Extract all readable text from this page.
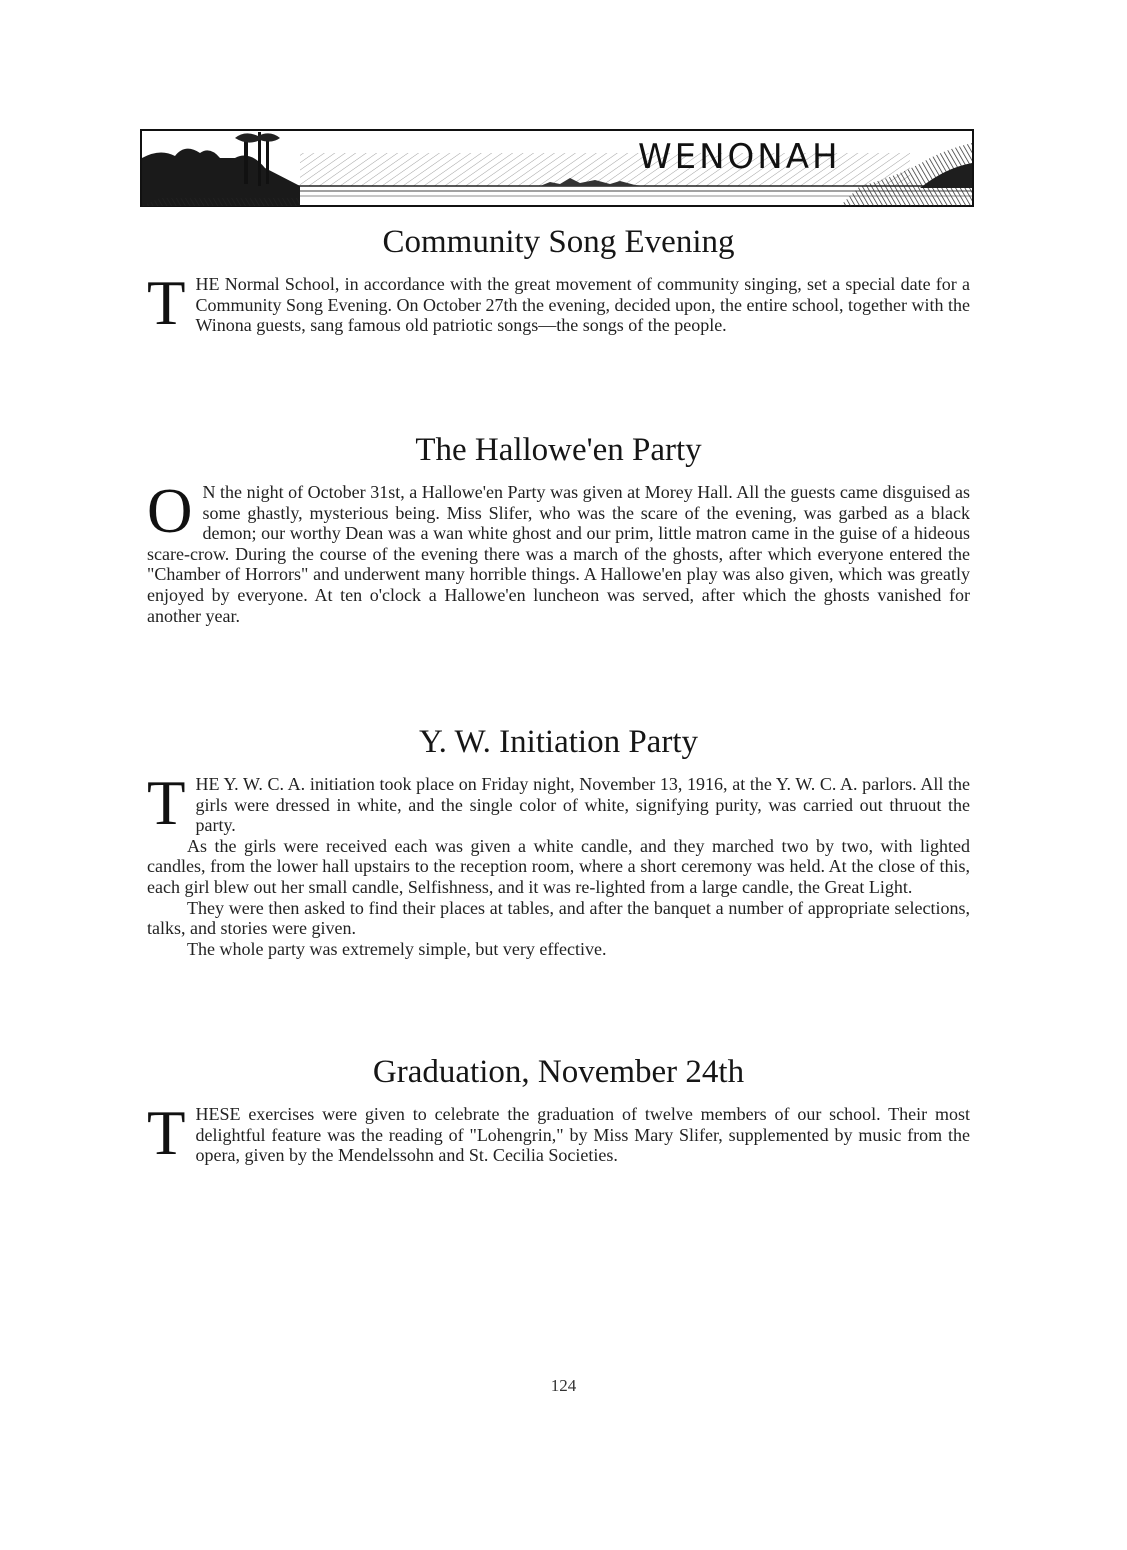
WENONAH
Community Song Evening

THE Normal School, in accordance with the great movement of community singing, set a special date for a Community Song Evening. On October 27th the evening, decided upon, the entire school, together with the Winona guests, sang famous old patriotic songs—the songs of the people.

The Hallowe'en Party

O N the night of October 31st, a Hallowe'en Party was given at Morey Hall. All the guests came disguised as some ghastly, mysterious being. Miss Slifer, who was the scare of the evening, was garbed as a black demon; our worthy Dean was a wan white ghost and our prim, little matron came in the guise of a hideous scare-crow. During the course of the evening there was a march of the ghosts, after which everyone entered the "Chamber of Horrors" and underwent many horrible things. A Hallowe'en play was also given, which was greatly enjoyed by everyone. At ten o'clock a Hallowe'en luncheon was served, after which the ghosts vanished for another year.

Y. W. Initiation Party

THE Y. W. C. A. initiation took place on Friday night, November 13, 1916, at the Y. W. C. A. parlors. All the girls were dressed in white, and the single color of white, signifying purity, was carried out thruout the party.

As the girls were received each was given a white candle, and they marched two by two, with lighted candles, from the lower hall upstairs to the reception room, where a short ceremony was held. At the close of this, each girl blew out her small candle, Selfishness, and it was re-lighted from a large candle, the Great Light.

They were then asked to find their places at tables, and after the banquet a number of appropriate selections, talks, and stories were given.

The whole party was extremely simple, but very effective.

Graduation, November 24th

THESE exercises were given to celebrate the graduation of twelve members of our school. Their most delightful feature was the reading of "Lohengrin," by Miss Mary Slifer, supplemented by music from the opera, given by the Mendelssohn and St. Cecilia Societies.

124
